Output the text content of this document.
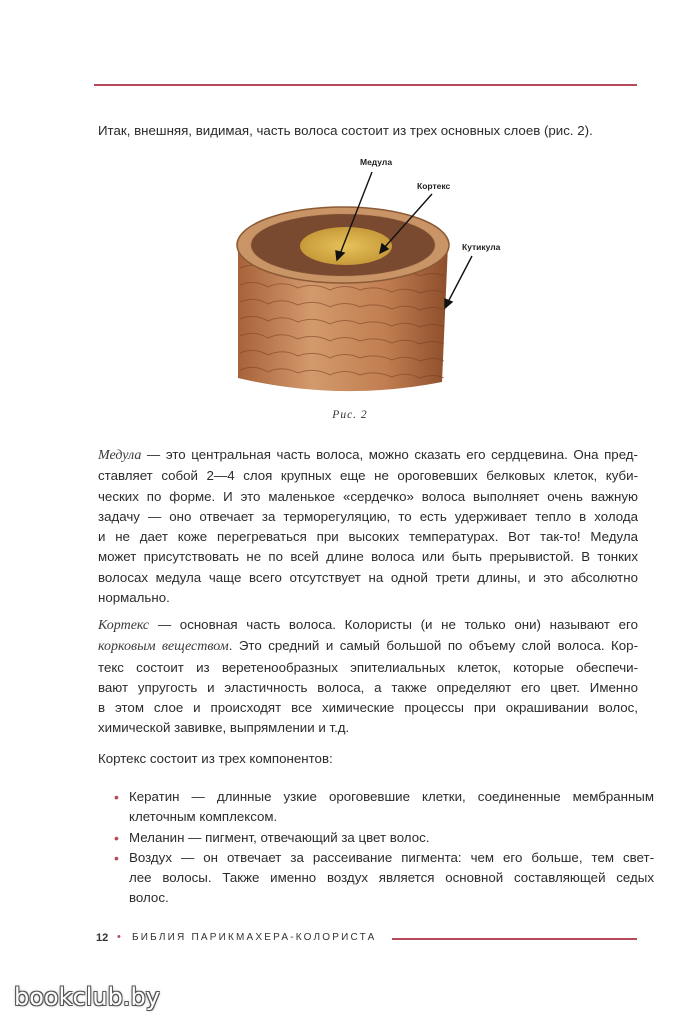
Итак, внешняя, видимая, часть волоса состоит из трех основных слоев (рис. 2).

Медула
Кортекс
Кутикула
Рис. 2

Медула — это центральная часть волоса, можно сказать его сердцевина. Она пред-
ставляет собой 2—4 слоя крупных еще не ороговевших белковых клеток, куби-
ческих по форме. И это маленькое «сердечко» волоса выполняет очень важную
задачу — оно отвечает за терморегуляцию, то есть удерживает тепло в холода
и не дает коже перегреваться при высоких температурах. Вот так-то! Медула
может присутствовать не по всей длине волоса или быть прерывистой. В тонких
волосах медула чаще всего отсутствует на одной трети длины, и это абсолютно
нормально.

Кортекс — основная часть волоса. Колористы (и не только они) называют его
корковым веществом. Это средний и самый большой по объему слой волоса. Кор-
текс состоит из веретенообразных эпителиальных клеток, которые обеспечи-
вают упругость и эластичность волоса, а также определяют его цвет. Именно
в этом слое и происходят все химические процессы при окрашивании волос,
химической завивке, выпрямлении и т.д.

Кортекс состоит из трех компонентов:

• Кератин — длинные узкие ороговевшие клетки, соединенные мембранным
клеточным комплексом.
• Меланин — пигмент, отвечающий за цвет волос.
• Воздух — он отвечает за рассеивание пигмента: чем его больше, тем свет-
лее волосы. Также именно воздух является основной составляющей седых
волос.
12 • БИБЛИЯ ПАРИКМАХЕРА-КОЛОРИСТА
bookclub.by
